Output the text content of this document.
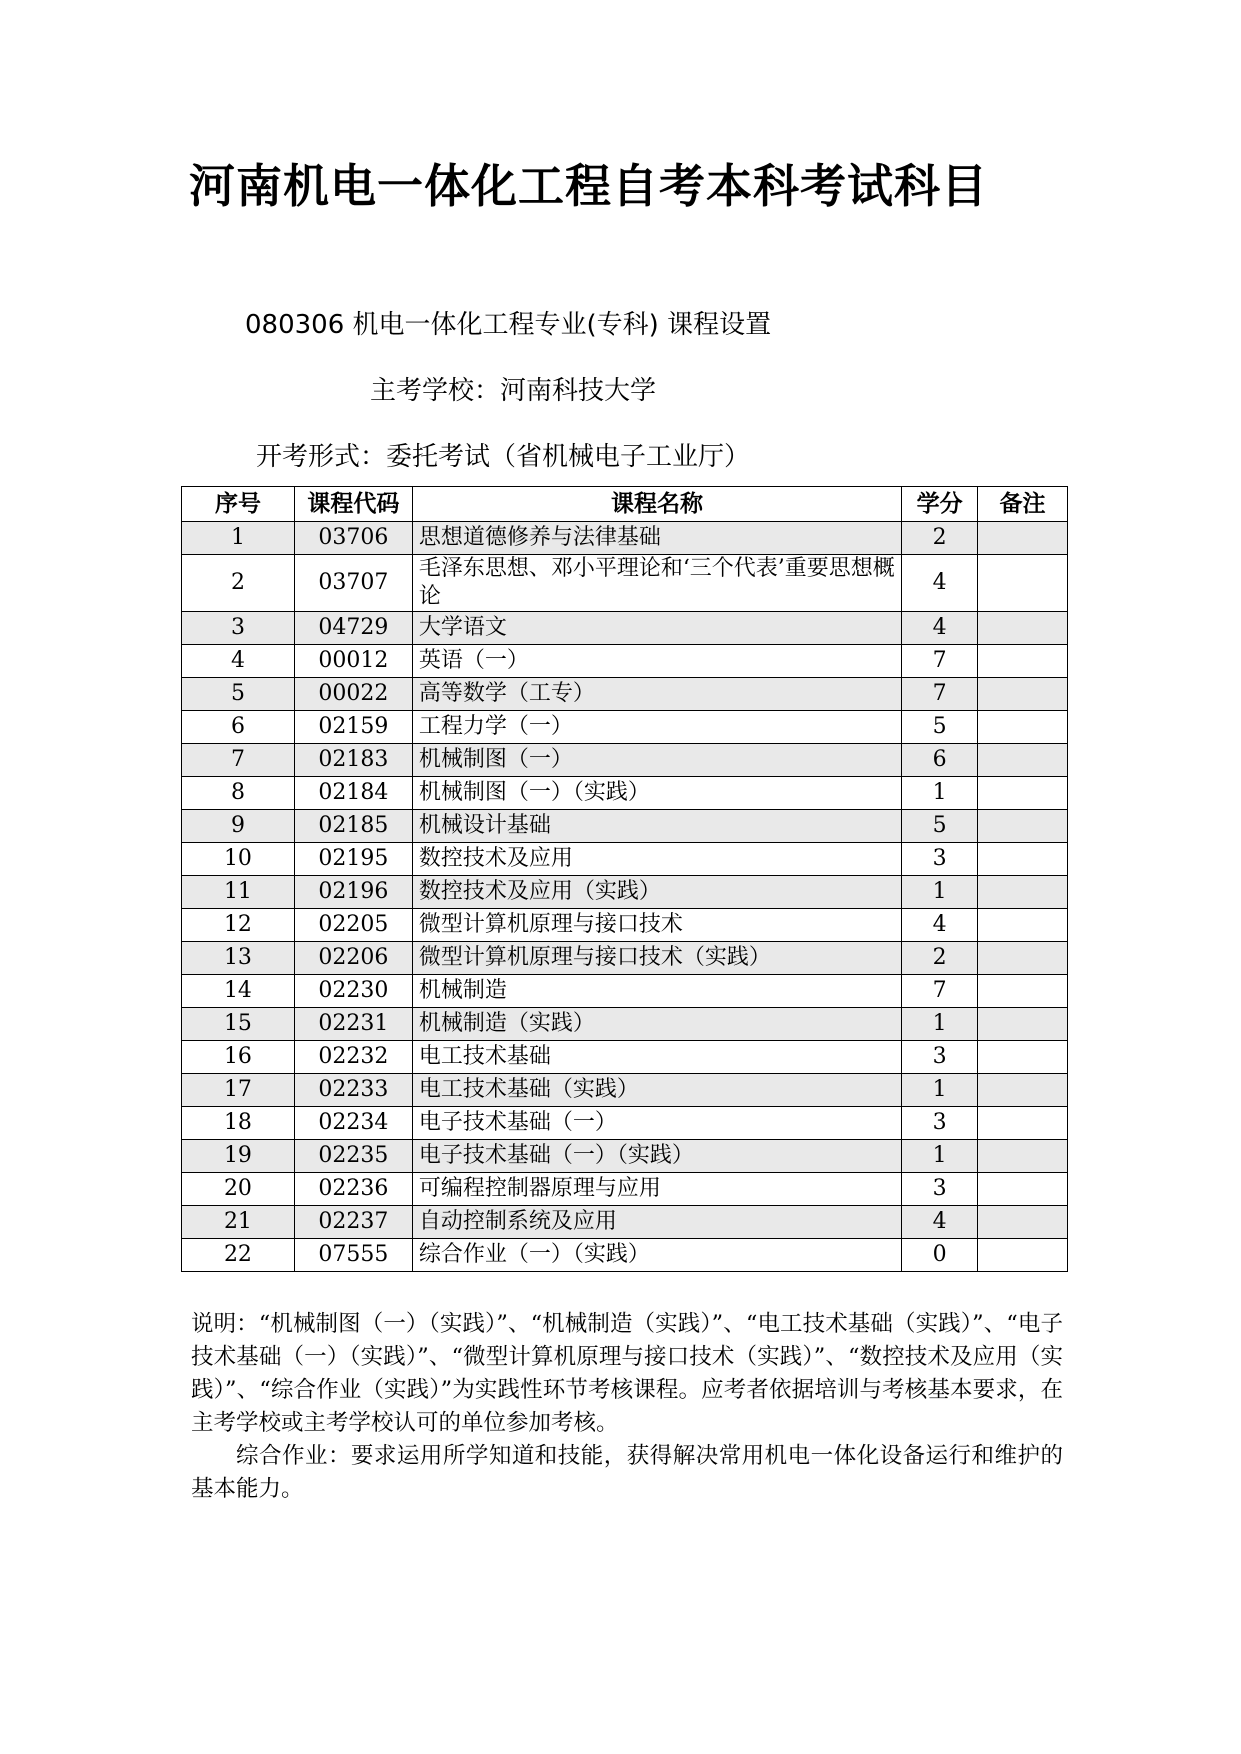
河南机电一体化工程自考本科考试科目
080306 机电一体化工程专业(专科) 课程设置
主考学校：河南科技大学
开考形式：委托考试（省机械电子工业厅）
序号	课程代码	课程名称	学分	备注
1	03706	思想道德修养与法律基础	2	
2	03707	毛泽东思想、邓小平理论和‘三个代表’重要思想概论	4	
3	04729	大学语文	4	
4	00012	英语（一）	7	
5	00022	高等数学（工专）	7	
6	02159	工程力学（一）	5	
7	02183	机械制图（一）	6	
8	02184	机械制图（一）（实践）	1	
9	02185	机械设计基础	5	
10	02195	数控技术及应用	3	
11	02196	数控技术及应用（实践）	1	
12	02205	微型计算机原理与接口技术	4	
13	02206	微型计算机原理与接口技术（实践）	2	
14	02230	机械制造	7	
15	02231	机械制造（实践）	1	
16	02232	电工技术基础	3	
17	02233	电工技术基础（实践）	1	
18	02234	电子技术基础（一）	3	
19	02235	电子技术基础（一）（实践）	1	
20	02236	可编程控制器原理与应用	3	
21	02237	自动控制系统及应用	4	
22	07555	综合作业（一）（实践）	0	

说明：“机械制图（一）（实践）”、“机械制造（实践）”、“电工技术基础（实践）”、“电子技术基础（一）（实践）”、“微型计算机原理与接口技术（实践）”、“数控技术及应用（实践）”、“综合作业（实践）”为实践性环节考核课程。应考者依据培训与考核基本要求，在主考学校或主考学校认可的单位参加考核。

综合作业：要求运用所学知道和技能，获得解决常用机电一体化设备运行和维护的基本能力。
